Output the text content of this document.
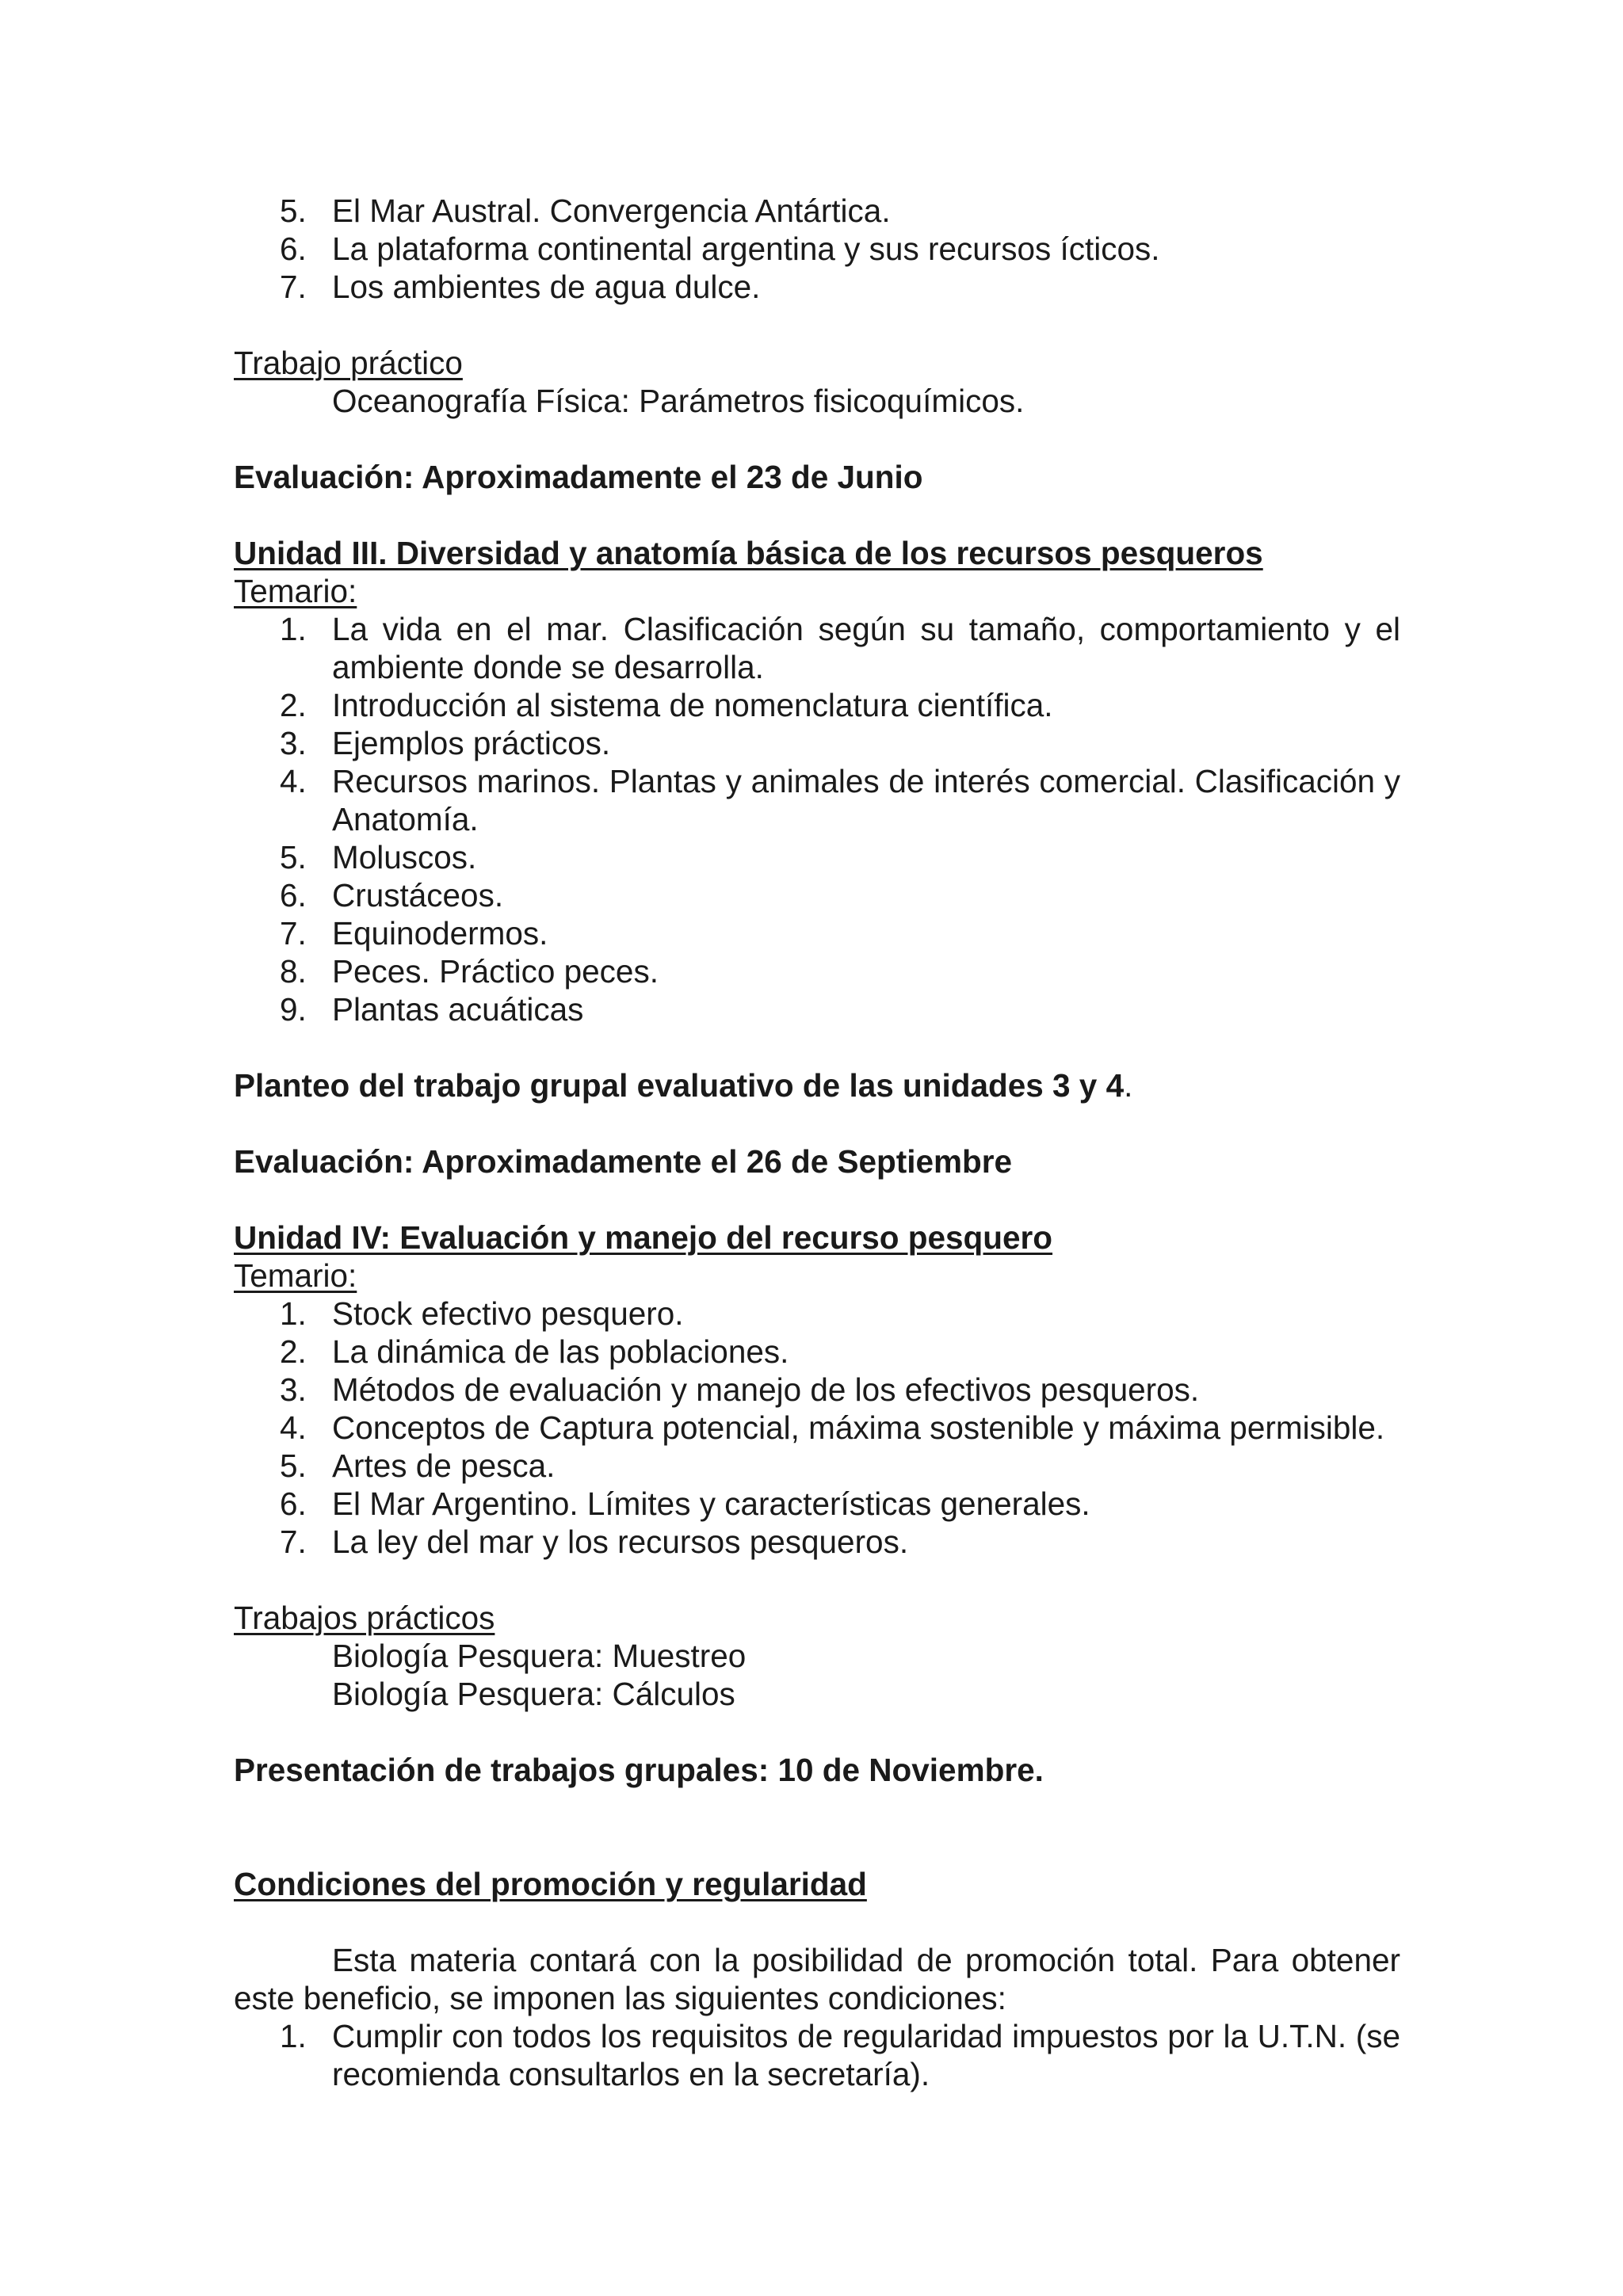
5. El Mar Austral. Convergencia Antártica.
6. La plataforma continental argentina y sus recursos ícticos.
7. Los ambientes de agua dulce.
Trabajo práctico
Oceanografía Física: Parámetros fisicoquímicos.
Evaluación: Aproximadamente el 23 de Junio
Unidad III. Diversidad y anatomía básica de los recursos pesqueros
Temario:
1. La vida en el mar. Clasificación según su tamaño, comportamiento y el ambiente donde se desarrolla.
2. Introducción al sistema de nomenclatura científica.
3. Ejemplos prácticos.
4. Recursos marinos. Plantas y animales de interés comercial. Clasificación y Anatomía.
5. Moluscos.
6. Crustáceos.
7. Equinodermos.
8. Peces. Práctico peces.
9. Plantas acuáticas
Planteo del trabajo grupal evaluativo de las unidades 3 y 4.
Evaluación: Aproximadamente el 26 de Septiembre
Unidad IV: Evaluación y manejo del recurso pesquero
Temario:
1. Stock efectivo pesquero.
2. La dinámica de las poblaciones.
3. Métodos de evaluación y manejo de los efectivos pesqueros.
4. Conceptos de Captura potencial, máxima sostenible y máxima permisible.
5. Artes de pesca.
6. El Mar Argentino. Límites y características generales.
7. La ley del mar y los recursos pesqueros.
Trabajos prácticos
Biología Pesquera: Muestreo
Biología Pesquera: Cálculos
Presentación de trabajos grupales: 10 de Noviembre.
Condiciones del promoción y regularidad
Esta materia contará con la posibilidad de promoción total. Para obtener este beneficio, se imponen las siguientes condiciones:
1. Cumplir con todos los requisitos de regularidad impuestos por la U.T.N. (se recomienda consultarlos en la secretaría).
